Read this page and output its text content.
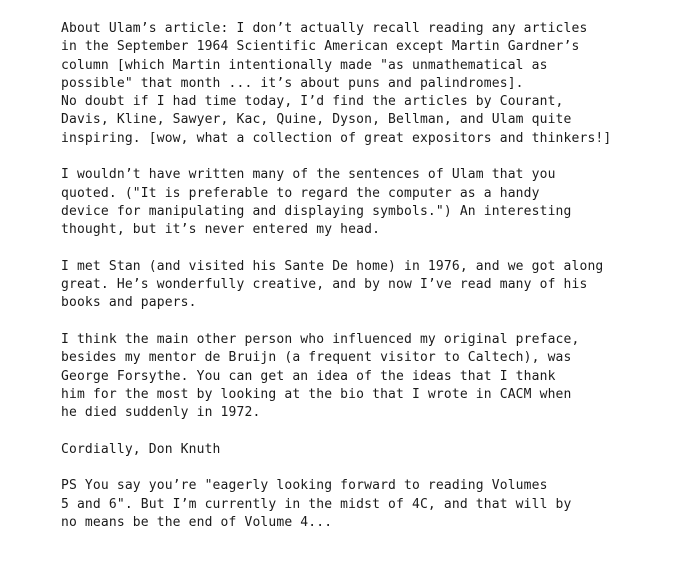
About Ulam’s article: I don’t actually recall reading any articles
in the September 1964 Scientific American except Martin Gardner’s
column [which Martin intentionally made "as unmathematical as
possible" that month ... it’s about puns and palindromes].
No doubt if I had time today, I’d find the articles by Courant,
Davis, Kline, Sawyer, Kac, Quine, Dyson, Bellman, and Ulam quite
inspiring. [wow, what a collection of great expositors and thinkers!]
I wouldn’t have written many of the sentences of Ulam that you
quoted. ("It is preferable to regard the computer as a handy
device for manipulating and displaying symbols.") An interesting
thought, but it’s never entered my head.
I met Stan (and visited his Sante De home) in 1976, and we got along
great. He’s wonderfully creative, and by now I’ve read many of his
books and papers.
I think the main other person who influenced my original preface,
besides my mentor de Bruijn (a frequent visitor to Caltech), was
George Forsythe. You can get an idea of the ideas that I thank
him for the most by looking at the bio that I wrote in CACM when
he died suddenly in 1972.
Cordially, Don Knuth
PS You say you’re "eagerly looking forward to reading Volumes
5 and 6". But I’m currently in the midst of 4C, and that will by
no means be the end of Volume 4...
